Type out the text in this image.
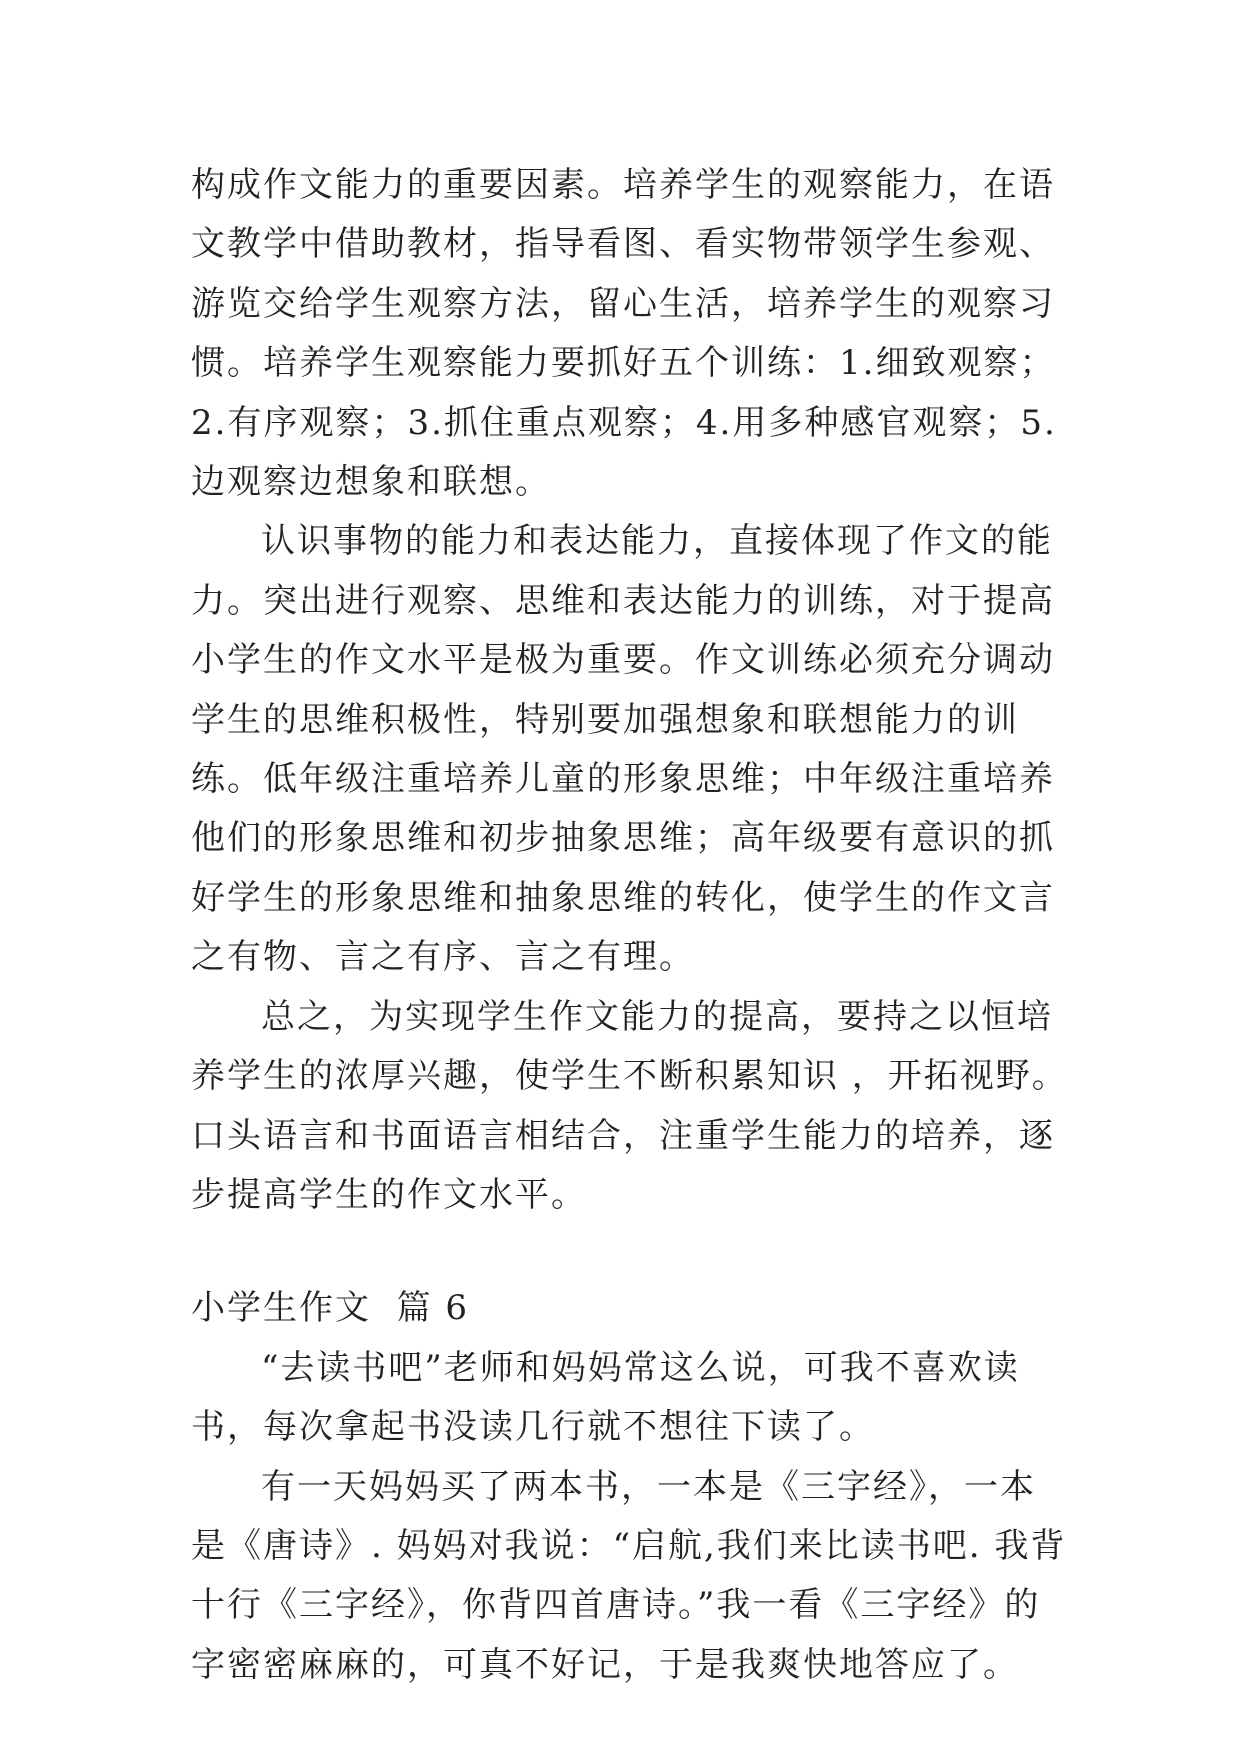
构成作文能力的重要因素。培养学生的观察能力，在语文教学中借助教材，指导看图、看实物带领学生参观、游览交给学生观察方法，留心生活，培养学生的观察习惯。培养学生观察能力要抓好五个训练：1.细致观察；2.有序观察；3.抓住重点观察；4.用多种感官观察；5.边观察边想象和联想。

认识事物的能力和表达能力，直接体现了作文的能力。突出进行观察、思维和表达能力的训练，对于提高小学生的作文水平是极为重要。作文训练必须充分调动学生的思维积极性，特别要加强想象和联想能力的训练。低年级注重培养儿童的形象思维；中年级注重培养他们的形象思维和初步抽象思维；高年级要有意识的抓好学生的形象思维和抽象思维的转化，使学生的作文言之有物、言之有序、言之有理。

总之，为实现学生作文能力的提高，要持之以恒培养学生的浓厚兴趣，使学生不断积累知识 ，开拓视野。口头语言和书面语言相结合，注重学生能力的培养，逐步提高学生的作文水平。

小学生作文  篇 6

“去读书吧”老师和妈妈常这么说，可我不喜欢读书，每次拿起书没读几行就不想往下读了。

有一天妈妈买了两本书，一本是《三字经》，一本是《唐诗》. 妈妈对我说：“启航,我们来比读书吧. 我背十行《三字经》，你背四首唐诗。”我一看《三字经》的字密密麻麻的，可真不好记，于是我爽快地答应了。
